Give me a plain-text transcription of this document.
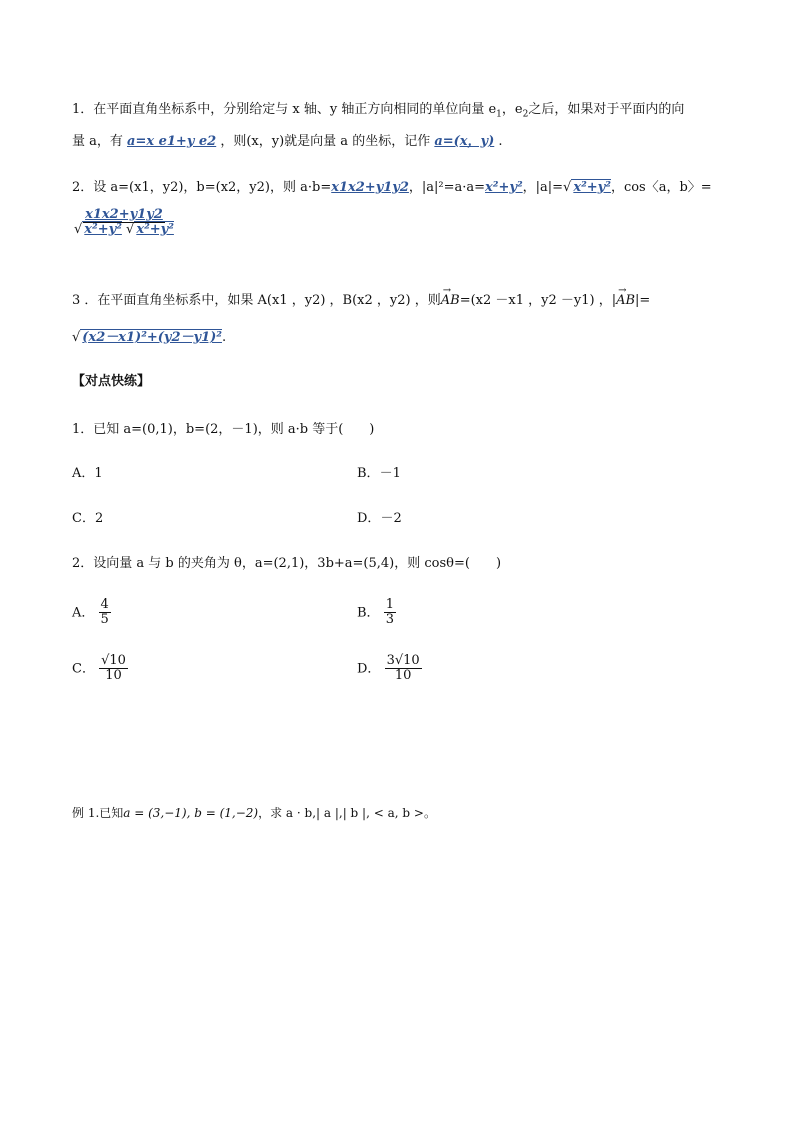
1．在平面直角坐标系中，分别给定与 x 轴、y 轴正方向相同的单位向量 $e_1$，$e_2$之后，如果对于平面内的向
量 a，有 a=x e1+y e2 ，则(x，y)就是向量 a 的坐标，记作 a=(x，y) .
2．设 a=(x1，y2)，b=(x2，y2)，则 a·b=x1x2+y1y2，|a|²=a·a=x²+y²，|a|=√ x²+y²，cos〈a，b〉=
$\frac{x1x2+y1y2}{\text{√ x²+y² √ x²+y²}}$
3 ．在平面直角坐标系中，如果 A(x1 ，y2) ，B(x2 ，y2) ，则
→
AB=(x2 －x1 ，y2 －y1) ，|
→
AB|=
√ (x2－x1)²+(y2－y1)².
【对点快练】
1．已知 a=(0,1)，b=(2，－1)，则 a·b 等于(　　)
A．1	B．－1
C．2	D．－2
2．设向量 a 与 b 的夹角为 θ，a=(2,1)，3b+a=(5,4)，则 cosθ=(　　)
A． $\frac{4}{5}$	B． $\frac{1}{3}$
C． $\frac{√10}{10}$	D． $\frac{3√10}{10}$
例 1.已知a = (3,−1), b = (1,−2)，求 a · b,| a |,| b |, < a, b >。
